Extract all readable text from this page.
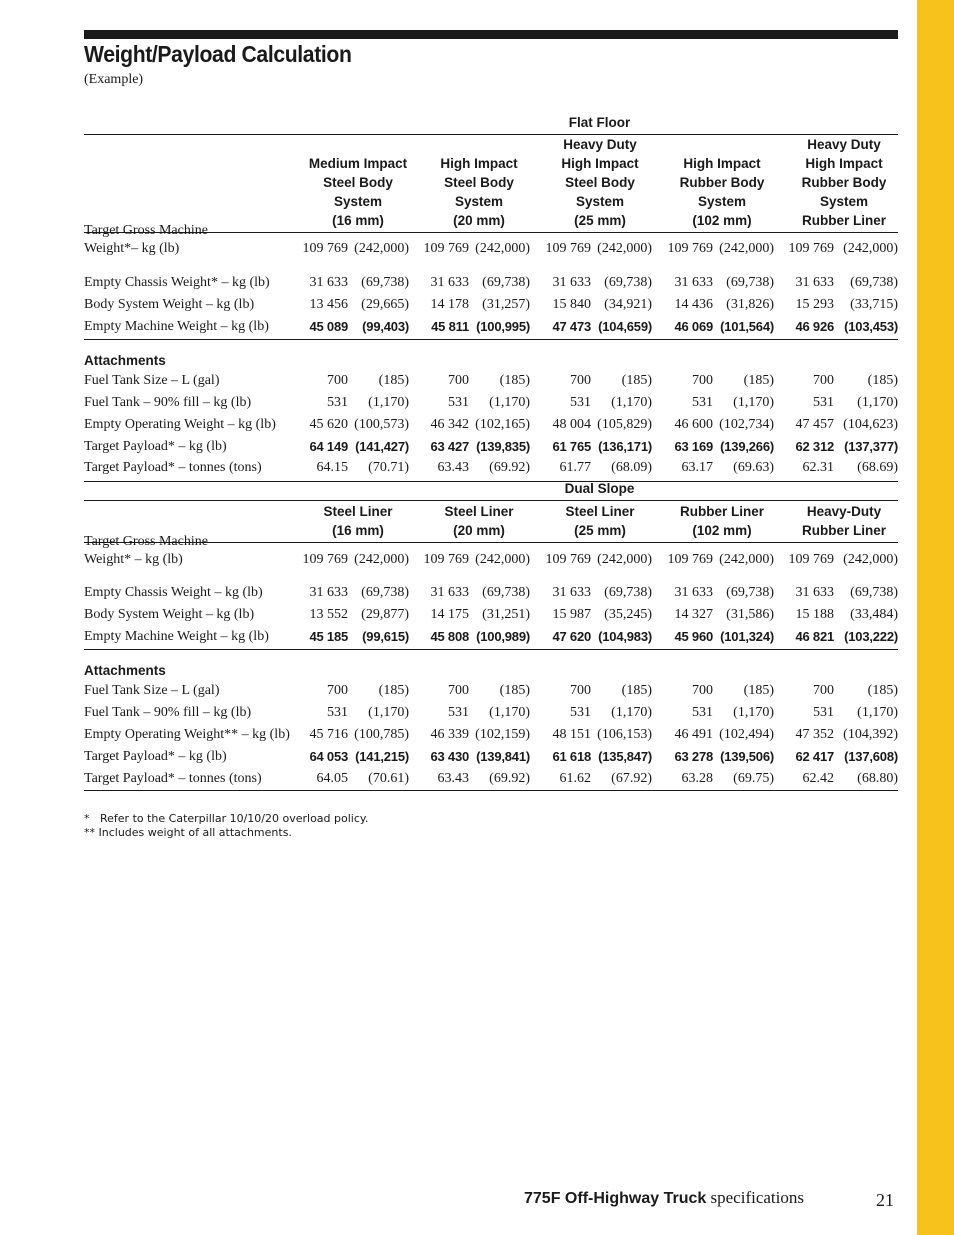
Weight/Payload Calculation
(Example)
Flat Floor
Medium Impact
Steel Body
System
(16 mm)
High Impact
Steel Body
System
(20 mm)
Heavy Duty
High Impact
Steel Body
System
(25 mm)
High Impact
Rubber Body
System
(102 mm)
Heavy Duty
High Impact
Rubber Body
System
Rubber Liner
Target Gross Machine
Weight*– kg (lb)	109 769 (242,000) 109 769 (242,000) 109 769 (242,000) 109 769 (242,000) 109 769 (242,000)
Empty Chassis Weight* – kg (lb)	31 633 (69,738) 31 633 (69,738) 31 633 (69,738) 31 633 (69,738) 31 633 (69,738)
Body System Weight – kg (lb)	13 456 (29,665) 14 178 (31,257) 15 840 (34,921) 14 436 (31,826) 15 293 (33,715)
Empty Machine Weight – kg (lb)	45 089 (99,403) 45 811 (100,995) 47 473 (104,659) 46 069 (101,564) 46 926 (103,453)
Attachments
Fuel Tank Size – L (gal)	700 (185)	700 (185)	700 (185)	700 (185)	700 (185)
Fuel Tank – 90% fill – kg (lb)	531 (1,170)	531 (1,170)	531 (1,170)	531 (1,170)	531 (1,170)
Empty Operating Weight – kg (lb) 45 620 (100,573) 46 342 (102,165) 48 004 (105,829) 46 600 (102,734) 47 457 (104,623)
Target Payload* – kg (lb)	64 149 (141,427) 63 427 (139,835) 61 765 (136,171) 63 169 (139,266) 62 312 (137,377)
Target Payload* – tonnes (tons)	64.15 (70.71) 63.43 (69.92) 61.77 (68.09) 63.17 (69.63) 62.31 (68.69)
Dual Slope
Steel Liner
(16 mm)
Steel Liner
(20 mm)
Steel Liner
(25 mm)
Rubber Liner
(102 mm)
Heavy-Duty
Rubber Liner
Target Gross Machine
Weight* – kg (lb)	109 769 (242,000) 109 769 (242,000) 109 769 (242,000) 109 769 (242,000) 109 769 (242,000)
Empty Chassis Weight – kg (lb)	31 633 (69,738) 31 633 (69,738) 31 633 (69,738) 31 633 (69,738) 31 633 (69,738)
Body System Weight – kg (lb)	13 552 (29,877) 14 175 (31,251) 15 987 (35,245) 14 327 (31,586) 15 188 (33,484)
Empty Machine Weight – kg (lb)	45 185 (99,615) 45 808 (100,989) 47 620 (104,983) 45 960 (101,324) 46 821 (103,222)
Attachments
Fuel Tank Size – L (gal)	700 (185)	700 (185)	700 (185)	700 (185)	700 (185)
Fuel Tank – 90% fill – kg (lb)	531 (1,170)	531 (1,170)	531 (1,170)	531 (1,170)	531 (1,170)
Empty Operating Weight** – kg (lb) 45 716 (100,785) 46 339 (102,159) 48 151 (106,153) 46 491 (102,494) 47 352 (104,392)
Target Payload* – kg (lb)	64 053 (141,215) 63 430 (139,841) 61 618 (135,847) 63 278 (139,506) 62 417 (137,608)
Target Payload* – tonnes (tons)	64.05 (70.61) 63.43 (69.92) 61.62 (67.92) 63.28 (69.75) 62.42 (68.80)
*   Refer to the Caterpillar 10/10/20 overload policy.
** Includes weight of all attachments.
775F Off-Highway Truck specifications	21
